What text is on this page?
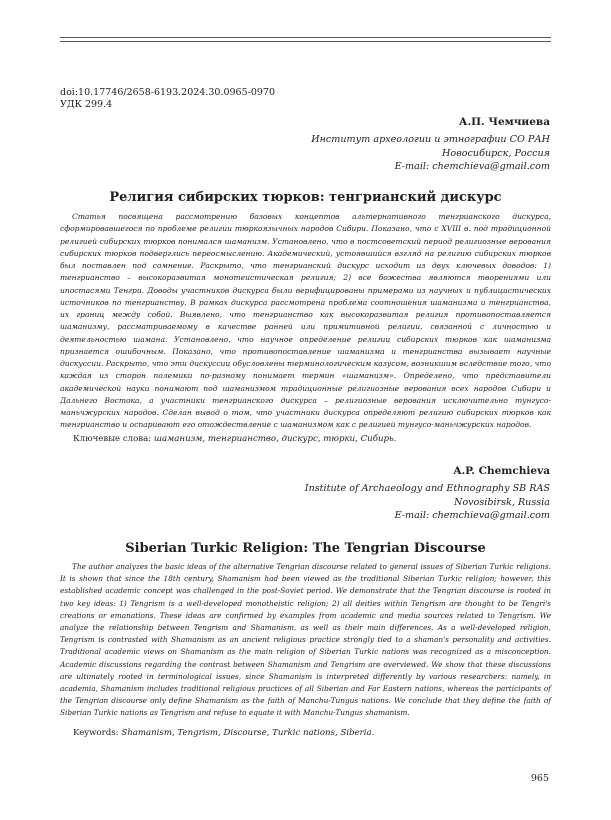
doi:10.17746/2658-6193.2024.30.0965-0970
УДК 299.4
А.П. Чемчиева
Институт археологии и этнографии СО РАН
Новосибирск, Россия
E-mail: chemchieva@gmail.com
Религия сибирских тюрков: тенгрианский дискурс
Статья посвящена рассмотрению базовых концептов альтернативного тенгрианского дискурса, сформировавшегося по проблеме религии тюркоязычных народов Сибири. Показано, что с XVIII в. под традиционной религией сибирских тюрков понимался шаманизм. Установлено, что в постсоветский период религиозные верования сибирских тюрков подверглись переосмыслению. Академический, устоявшийся взгляд на религию сибирских тюрков был поставлен под сомнение. Раскрыто, что тенгрианский дискурс исходит из двух ключевых доводов: 1) тенгрианство – высокоразвитая монотеистическая религия; 2) все божества являются творениями или ипостасями Тенгри. Доводы участников дискурса были верифицированы примерами из научных и публицистических источников по тенгрианству. В рамках дискурса рассмотрена проблема соотношения шаманизма и тенгрианства, их границ между собой. Выявлено, что тенгрианство как высокоразвитая религия противопоставляется шаманизму, рассматриваемому в качестве ранней или примитивной религии, связанной с личностью и деятельностью шамана. Установлено, что научное определение религии сибирских тюрков как шаманизма признается ошибочным. Показано, что противопоставление шаманизма и тенгрианства вызывает научные дискуссии. Раскрыто, что эти дискуссии обусловлены терминологическим казусом, возникшим вследствие того, что каждая из сторон полемики по-разному понимает термин «шаманизм». Определено, что представители академической науки понимают под шаманизмом традиционные религиозные верования всех народов Сибири и Дальнего Востока, а участники тенгрианского дискурса – религиозные верования исключительно тунгусо-маньчжурских народов. Сделан вывод о том, что участники дискурса определяют религию сибирских тюрков как тенгрианство и оспаривают его отождествление с шаманизмом как с религией тунгусо-маньчжурских народов.
Ключевые слова: шаманизм, тенгрианство, дискурс, тюрки, Сибирь.
A.P. Chemchieva
Institute of Archaeology and Ethnography SB RAS
Novosibirsk, Russia
E-mail: chemchieva@gmail.com
Siberian Turkic Religion: The Tengrian Discourse
The author analyzes the basic ideas of the alternative Tengrian discourse related to general issues of Siberian Turkic religions. It is shown that since the 18th century, Shamanism had been viewed as the traditional Siberian Turkic religion; however, this established academic concept was challenged in the post-Soviet period. We demonstrate that the Tengrian discourse is rooted in two key ideas: 1) Tengrism is a well-developed monotheistic religion; 2) all deities within Tengrism are thought to be Tengri's creations or emanations. These ideas are confirmed by examples from academic and media sources related to Tengrism. We analyze the relationship between Tengrism and Shamanism, as well as their main differences. As a well-developed religion, Tengrism is contrasted with Shamanism as an ancient religious practice strongly tied to a shaman's personality and activities. Traditional academic views on Shamanism as the main religion of Siberian Turkic nations was recognized as a misconception. Academic discussions regarding the contrast between Shamanism and Tengrism are overviewed. We show that these discussions are ultimately rooted in terminological issues, since Shamanism is interpreted differently by various researchers: namely, in academia, Shamanism includes traditional religious practices of all Siberian and Far Eastern nations, whereas the participants of the Tengrian discourse only define Shamanism as the faith of Manchu-Tungus nations. We conclude that they define the faith of Siberian Turkic nations as Tengrism and refuse to equate it with Manchu-Tungus shamanism.
Keywords: Shamanism, Tengrism, Discourse, Turkic nations, Siberia.
965
